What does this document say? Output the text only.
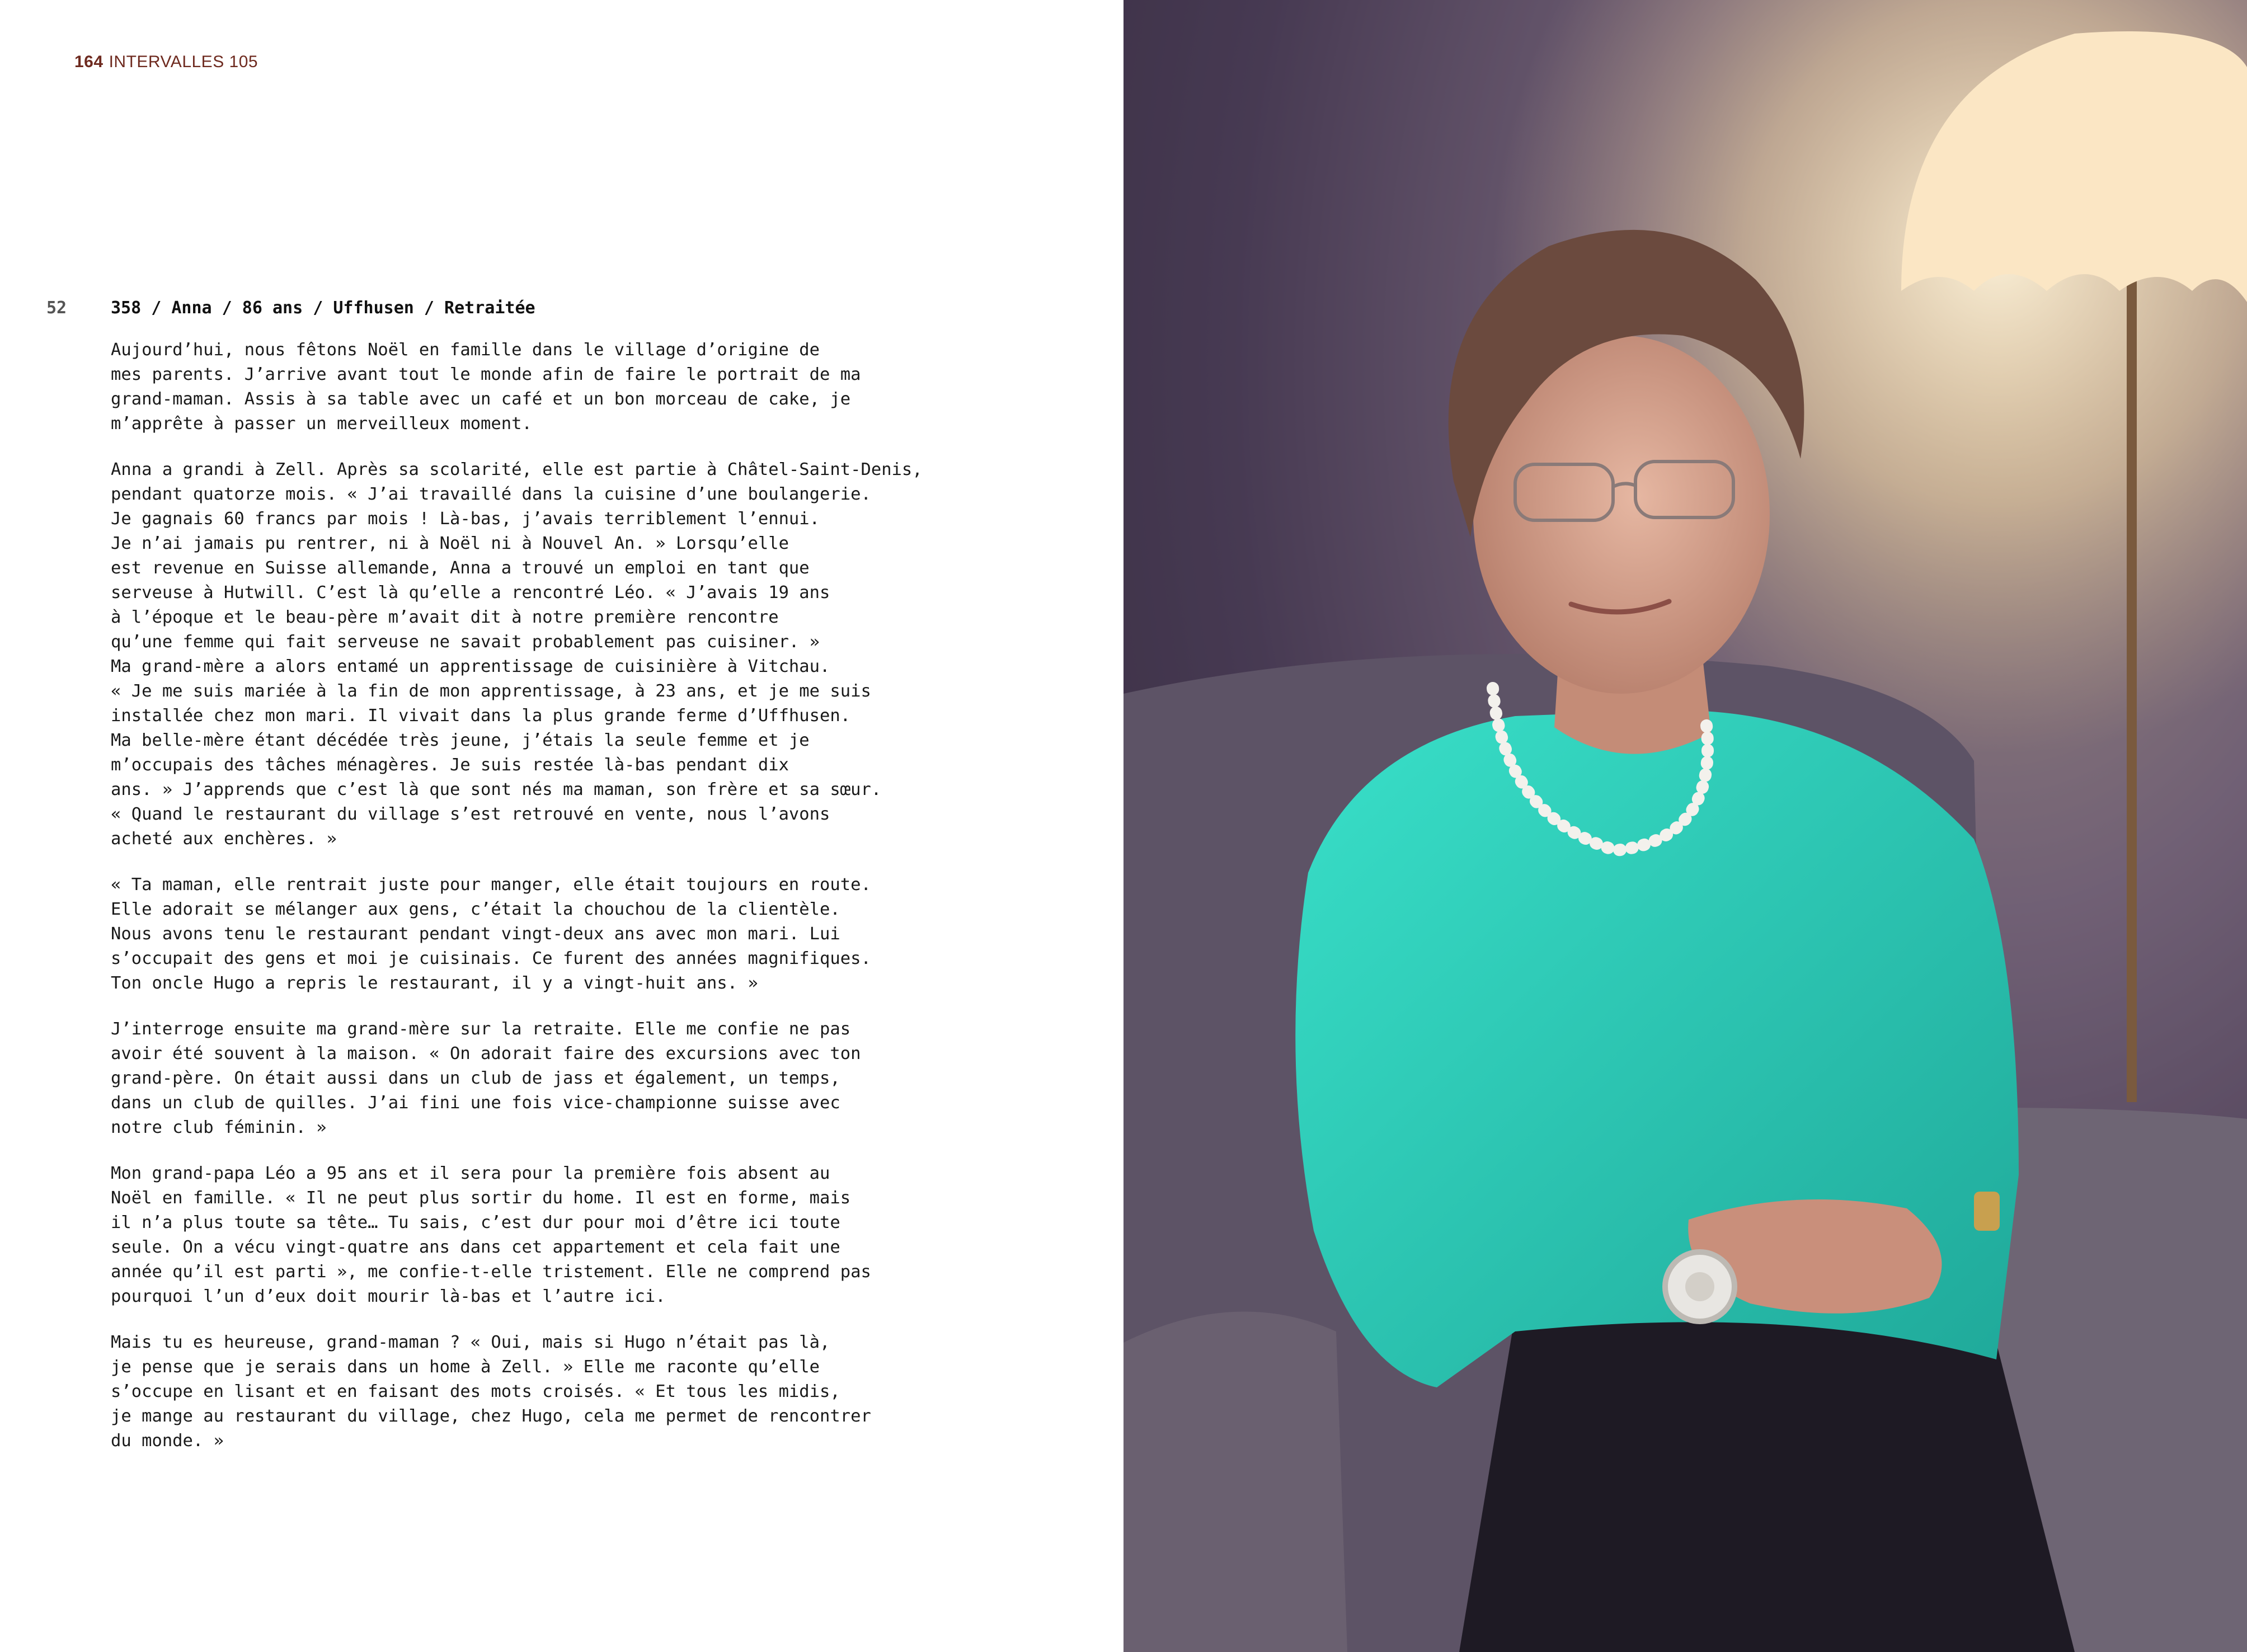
164 INTERVALLES 105
52	358 / Anna / 86 ans / Uffhusen / Retraitée

Aujourd’hui, nous fêtons Noël en famille dans le village d’origine de
mes parents. J’arrive avant tout le monde afin de faire le portrait de ma
grand-maman. Assis à sa table avec un café et un bon morceau de cake, je
m’apprête à passer un merveilleux moment.

Anna a grandi à Zell. Après sa scolarité, elle est partie à Châtel-Saint-Denis,
pendant quatorze mois. « J’ai travaillé dans la cuisine d’une boulangerie.
Je gagnais 60 francs par mois ! Là-bas, j’avais terriblement l’ennui.
Je n’ai jamais pu rentrer, ni à Noël ni à Nouvel An. » Lorsqu’elle
est revenue en Suisse allemande, Anna a trouvé un emploi en tant que
serveuse à Hutwill. C’est là qu’elle a rencontré Léo. « J’avais 19 ans
à l’époque et le beau-père m’avait dit à notre première rencontre
qu’une femme qui fait serveuse ne savait probablement pas cuisiner. »
Ma grand-mère a alors entamé un apprentissage de cuisinière à Vitchau.
« Je me suis mariée à la fin de mon apprentissage, à 23 ans, et je me suis
installée chez mon mari. Il vivait dans la plus grande ferme d’Uffhusen.
Ma belle-mère étant décédée très jeune, j’étais la seule femme et je
m’occupais des tâches ménagères. Je suis restée là-bas pendant dix
ans. » J’apprends que c’est là que sont nés ma maman, son frère et sa sœur.
« Quand le restaurant du village s’est retrouvé en vente, nous l’avons
acheté aux enchères. »

« Ta maman, elle rentrait juste pour manger, elle était toujours en route.
Elle adorait se mélanger aux gens, c’était la chouchou de la clientèle.
Nous avons tenu le restaurant pendant vingt-deux ans avec mon mari. Lui
s’occupait des gens et moi je cuisinais. Ce furent des années magnifiques.
Ton oncle Hugo a repris le restaurant, il y a vingt-huit ans. »

J’interroge ensuite ma grand-mère sur la retraite. Elle me confie ne pas
avoir été souvent à la maison. « On adorait faire des excursions avec ton
grand-père. On était aussi dans un club de jass et également, un temps,
dans un club de quilles. J’ai fini une fois vice-championne suisse avec
notre club féminin. »

Mon grand-papa Léo a 95 ans et il sera pour la première fois absent au
Noël en famille. « Il ne peut plus sortir du home. Il est en forme, mais
il n’a plus toute sa tête… Tu sais, c’est dur pour moi d’être ici toute
seule. On a vécu vingt-quatre ans dans cet appartement et cela fait une
année qu’il est parti », me confie-t-elle tristement. Elle ne comprend pas
pourquoi l’un d’eux doit mourir là-bas et l’autre ici.

Mais tu es heureuse, grand-maman ? « Oui, mais si Hugo n’était pas là,
je pense que je serais dans un home à Zell. » Elle me raconte qu’elle
s’occupe en lisant et en faisant des mots croisés. « Et tous les midis,
je mange au restaurant du village, chez Hugo, cela me permet de rencontrer
du monde. »
